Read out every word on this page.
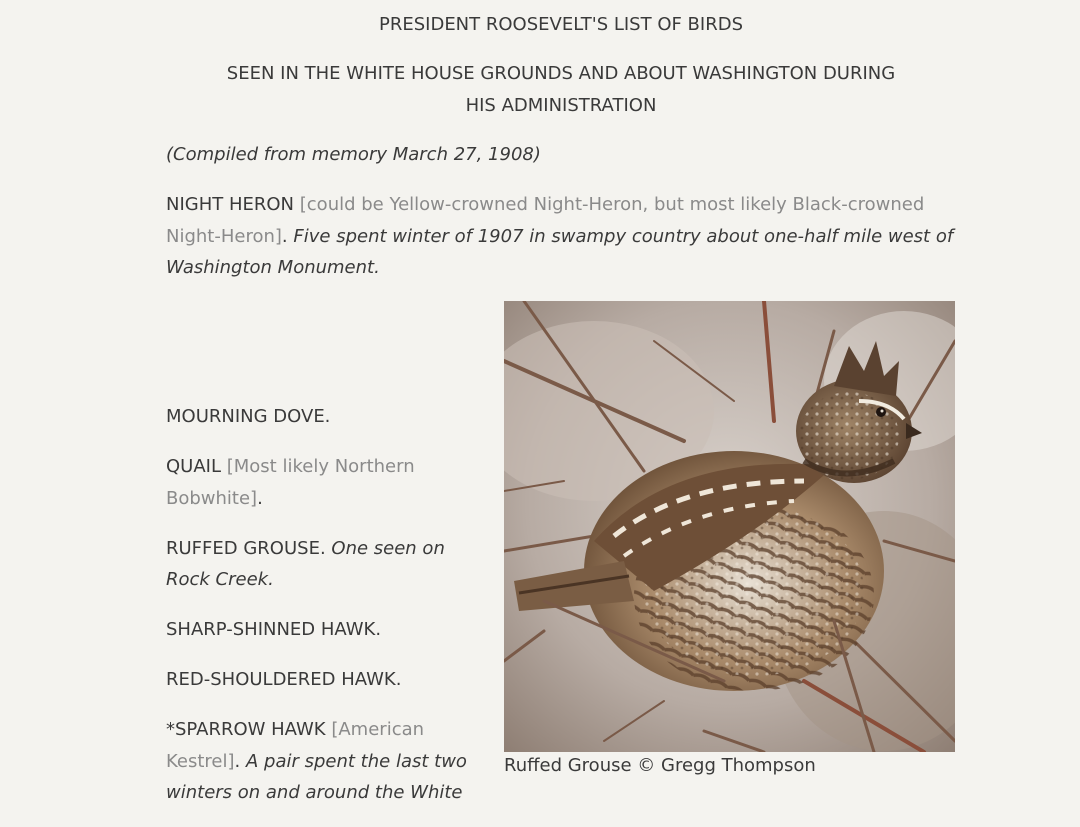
PRESIDENT ROOSEVELT'S LIST OF BIRDS

SEEN IN THE WHITE HOUSE GROUNDS AND ABOUT WASHINGTON DURING HIS ADMINISTRATION

(Compiled from memory March 27, 1908)

NIGHT HERON [could be Yellow-crowned Night-Heron, but most likely Black-crowned Night-Heron]. Five spent winter of 1907 in swampy country about one-half mile west of Washington Monument.

MOURNING DOVE.

QUAIL [Most likely Northern Bobwhite].

RUFFED GROUSE. One seen on Rock Creek.

SHARP-SHINNED HAWK.

RED-SHOULDERED HAWK.

*SPARROW HAWK [American Kestrel]. A pair spent the last two winters on and around the White

Ruffed Grouse © Gregg Thompson
